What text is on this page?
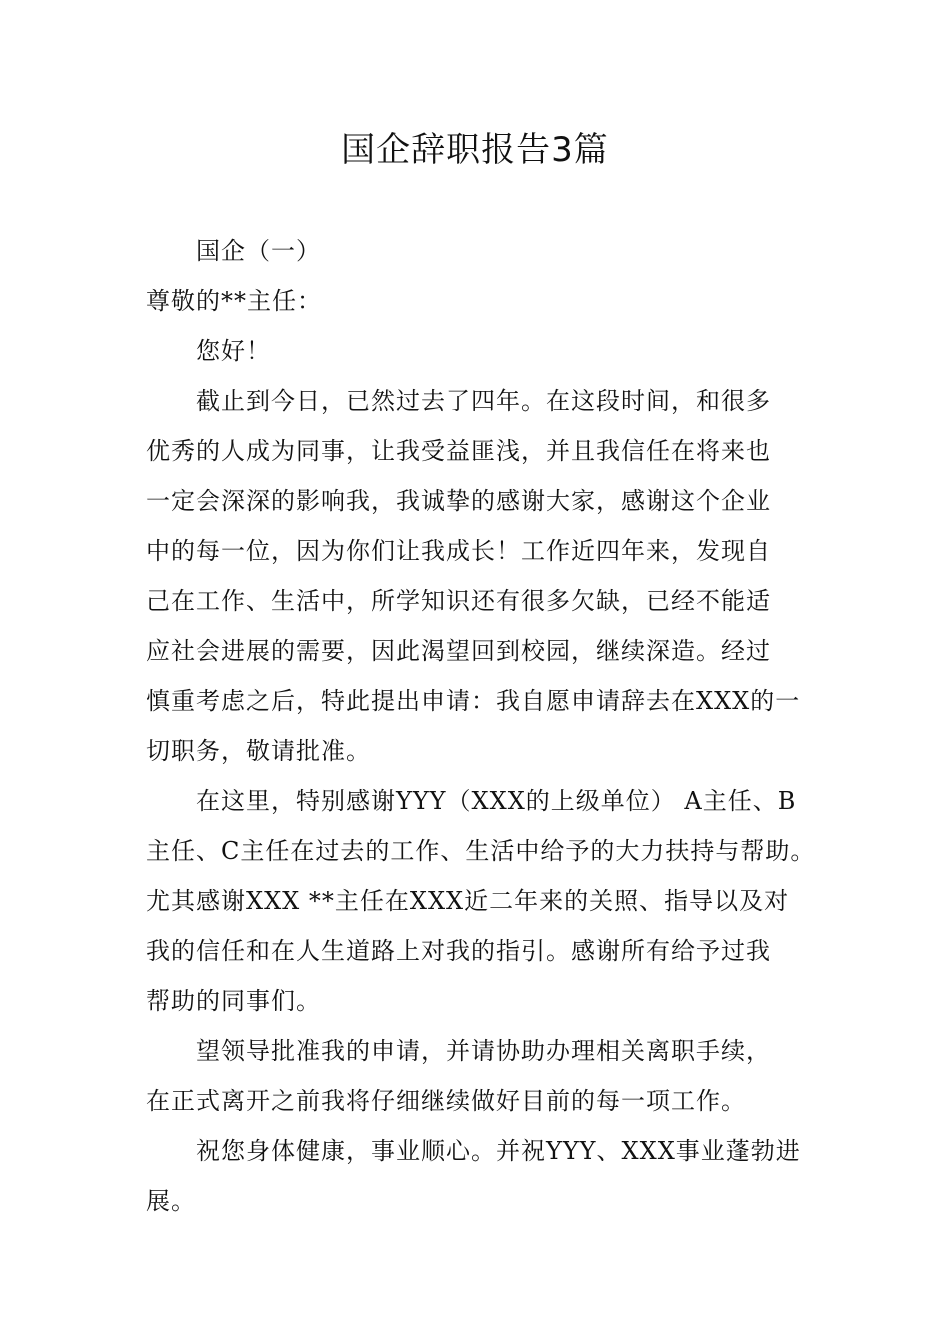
国企辞职报告3篇
国企（一）
尊敬的**主任：
您好！
截止到今日，已然过去了四年。在这段时间，和很多
优秀的人成为同事，让我受益匪浅，并且我信任在将来也
一定会深深的影响我，我诚挚的感谢大家，感谢这个企业
中的每一位，因为你们让我成长！工作近四年来，发现自
己在工作、生活中，所学知识还有很多欠缺，已经不能适
应社会进展的需要，因此渴望回到校园，继续深造。经过
慎重考虑之后，特此提出申请：我自愿申请辞去在XXX的一
切职务，敬请批准。
在这里，特别感谢YYY（XXX的上级单位） A主任、B
主任、C主任在过去的工作、生活中给予的大力扶持与帮助。
尤其感谢XXX **主任在XXX近二年来的关照、指导以及对
我的信任和在人生道路上对我的指引。感谢所有给予过我
帮助的同事们。
望领导批准我的申请，并请协助办理相关离职手续，
在正式离开之前我将仔细继续做好目前的每一项工作。
祝您身体健康，事业顺心。并祝YYY、XXX事业蓬勃进
展。
